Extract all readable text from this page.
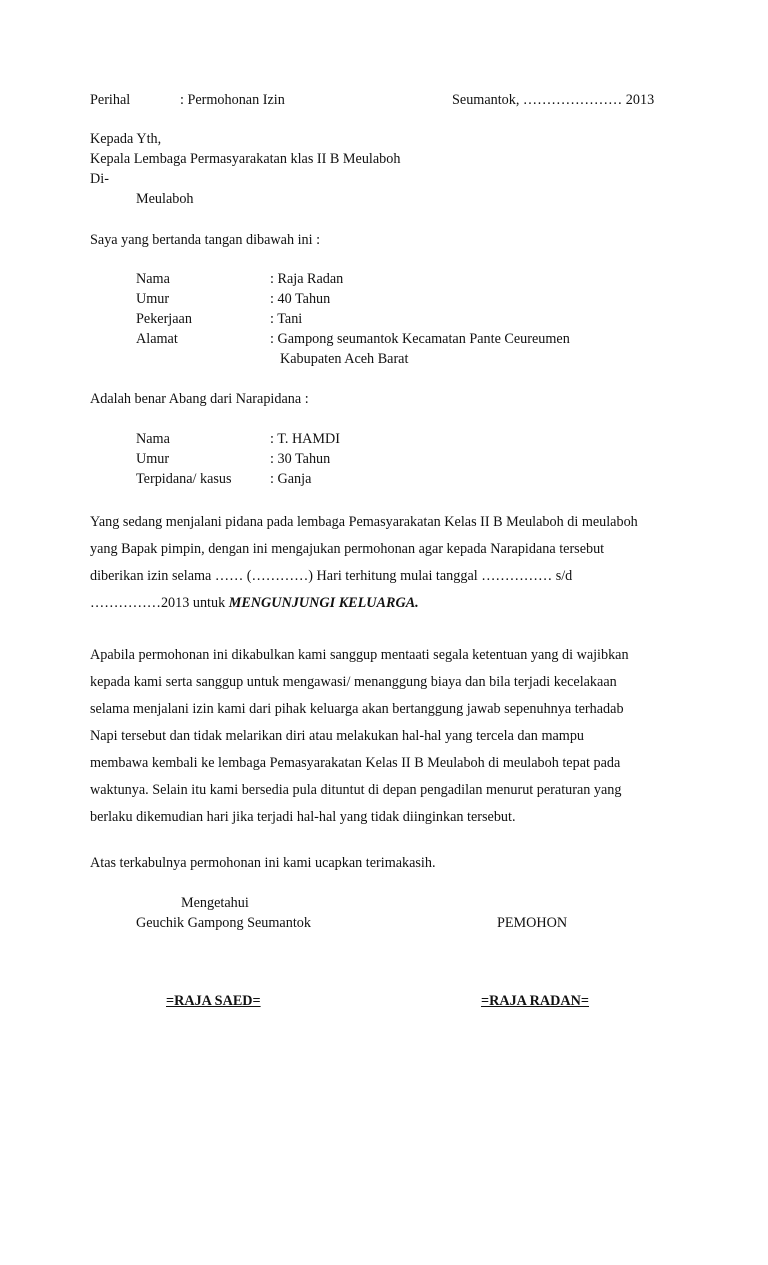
Perihal	: Permohonan Izin	Seumantok, ………………… 2013
Kepada Yth,
Kepala Lembaga Permasyarakatan klas II B Meulaboh
Di-
Meulaboh
Saya yang bertanda tangan dibawah ini :
Nama	: Raja Radan
Umur	: 40 Tahun
Pekerjaan	: Tani
Alamat	: Gampong seumantok Kecamatan Pante Ceureumen
Kabupaten Aceh Barat
Adalah benar Abang dari Narapidana :
Nama	: T. HAMDI
Umur	: 30 Tahun
Terpidana/ kasus	: Ganja
Yang sedang menjalani pidana pada lembaga Pemasyarakatan Kelas II B Meulaboh di meulaboh
yang Bapak pimpin, dengan ini mengajukan permohonan agar kepada Narapidana tersebut
diberikan izin selama …… (…………) Hari terhitung mulai tanggal …………… s/d
……………2013 untuk MENGUNJUNGI KELUARGA.
Apabila permohonan ini dikabulkan kami sanggup mentaati segala ketentuan yang di wajibkan
kepada kami serta sanggup untuk mengawasi/ menanggung biaya dan bila terjadi kecelakaan
selama menjalani izin kami dari pihak keluarga akan bertanggung jawab sepenuhnya terhadab
Napi tersebut dan tidak melarikan diri atau melakukan hal-hal yang tercela dan mampu
membawa kembali ke lembaga Pemasyarakatan Kelas II B Meulaboh di meulaboh tepat pada
waktunya. Selain itu kami bersedia pula dituntut di depan pengadilan menurut peraturan yang
berlaku dikemudian hari jika terjadi hal-hal yang tidak diinginkan tersebut.
Atas terkabulnya permohonan ini kami ucapkan terimakasih.
Mengetahui
Geuchik Gampong Seumantok	PEMOHON
=RAJA SAED=	=RAJA RADAN=
